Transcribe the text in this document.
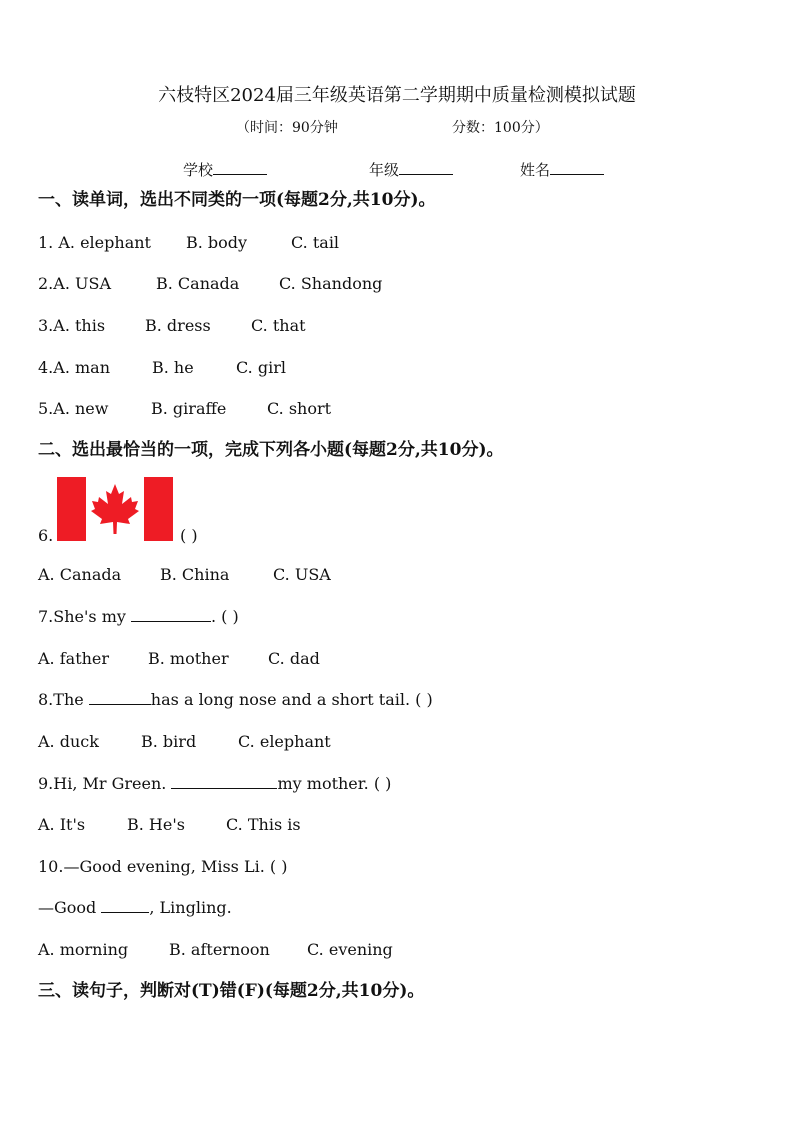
六枝特区2024届三年级英语第二学期期中质量检测模拟试题
（时间：90分钟	分数：100分）
学校	年级	姓名
一、读单词，选出不同类的一项(每题2分,共10分)。
1. A. elephant B. body	C. tail
2.A. USA	B. Canada C. Shandong
3.A. this B. dress	C. that
4.A. man	B. he	C. girl
5.A. new	B. giraffe	C. short
二、选出最恰当的一项，完成下列各小题(每题2分,共10分)。
6.	( )
A. Canada B. China	C. USA
7.She's my	. ( )
A. father B. mother C. dad
8.The	has a long nose and a short tail. ( )
A. duck	B. bird	C. elephant
9.Hi, Mr Green.	my mother. ( )
A. It's	B. He's	C. This is
10.—Good evening, Miss Li. ( )
—Good	, Lingling.
A. morning	B. afternoon C. evening
三、读句子，判断对(T)错(F)(每题2分,共10分)。
